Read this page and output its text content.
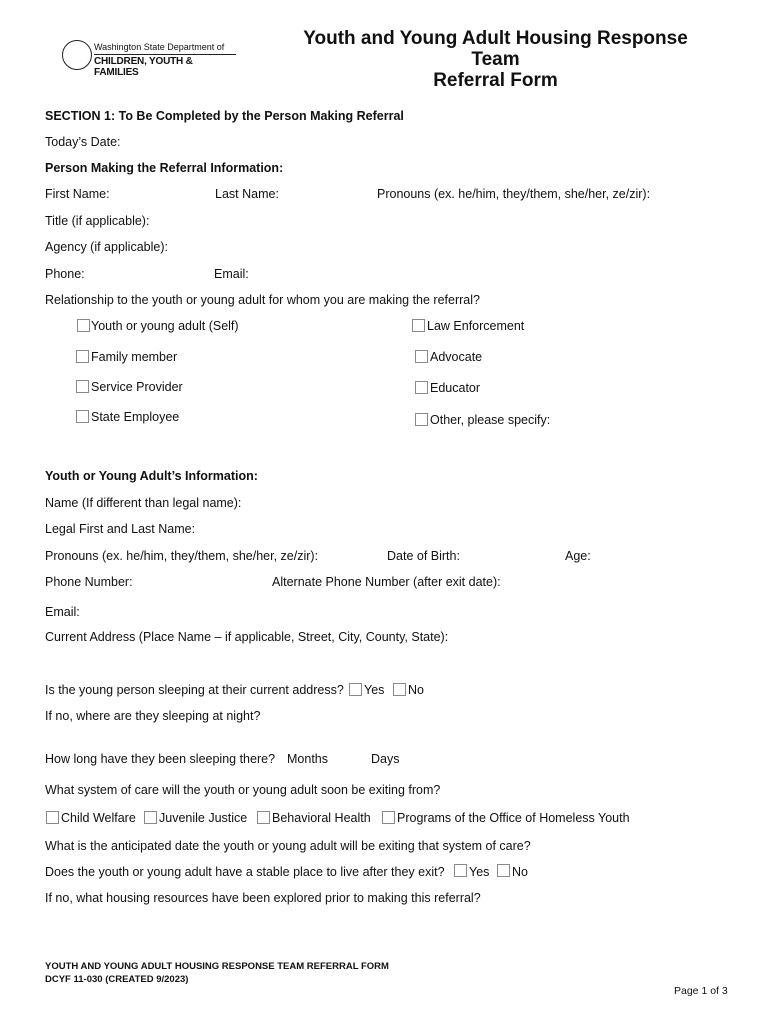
Washington State Department of
CHILDREN, YOUTH & FAMILIES
Youth and Young Adult Housing Response
Team
Referral Form
SECTION 1: To Be Completed by the Person Making Referral
Today’s Date:
Person Making the Referral Information:
First Name:	Last Name:	Pronouns (ex. he/him, they/them, she/her, ze/zir):
Title (if applicable):
Agency (if applicable):
Phone:	Email:
Relationship to the youth or young adult for whom you are making the referral?
Youth or young adult (Self)
Family member
Service Provider
State Employee
Law Enforcement
Advocate
Educator
Other, please specify:
Youth or Young Adult’s Information:
Name (If different than legal name):
Legal First and Last Name:
Pronouns (ex. he/him, they/them, she/her, ze/zir):	Date of Birth:	Age:
Phone Number:	Alternate Phone Number (after exit date):
Email:
Current Address (Place Name – if applicable, Street, City, County, State):
Is the young person sleeping at their current address? Yes No
If no, where are they sleeping at night?
How long have they been sleeping there? Months	Days
What system of care will the youth or young adult soon be exiting from?
Child Welfare Juvenile Justice Behavioral Health Programs of the Office of Homeless Youth
What is the anticipated date the youth or young adult will be exiting that system of care?
Does the youth or young adult have a stable place to live after they exit? Yes No
If no, what housing resources have been explored prior to making this referral?
YOUTH AND YOUNG ADULT HOUSING RESPONSE TEAM REFERRAL FORM
DCYF 11-030 (CREATED 9/2023)
Page 1 of 3
